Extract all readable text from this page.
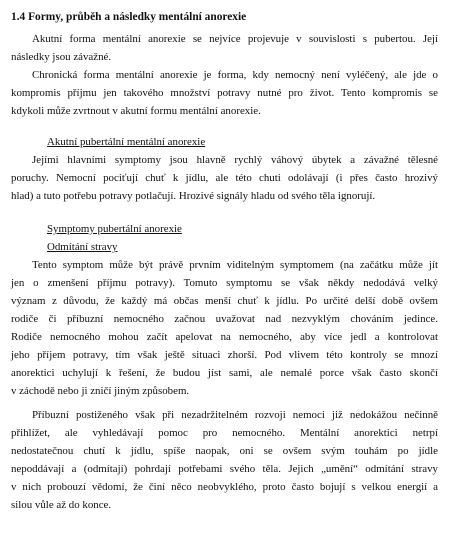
1.4 Formy, průběh a následky mentální anorexie

Akutní forma mentální anorexie se nejvíce projevuje v souvislosti s pubertou. Její
následky jsou závažné.

Chronická forma mentální anorexie je forma, kdy nemocný není vyléčený, ale jde o
kompromis příjmu jen takového množství potravy nutné pro život. Tento kompromis se
kdykoli může zvrtnout v akutní formu mentální anorexie.

Akutní pubertální mentální anorexie

Jejími hlavními symptomy jsou hlavně rychlý váhový úbytek a závažné tělesné
poruchy. Nemocní pociťují chuť k jídlu, ale této chuti odolávají (i přes často hrozivý
hlad) a tuto potřebu potravy potlačují. Hrozivé signály hladu od svého těla ignorují.

Symptomy pubertální anorexie
Odmítání stravy

Tento symptom může být právě prvním viditelným symptomem (na začátku může jít
jen o zmenšení příjmu potravy). Tomuto symptomu se však někdy nedodává velký
význam z důvodu, že každý má občas menší chuť k jídlu. Po určité delší době ovšem
rodiče či příbuzní nemocného začnou uvažovat nad nezvyklým chováním jedince.
Rodiče nemocného mohou začít apelovat na nemocného, aby více jedl a kontrolovat
jeho příjem potravy, tím však ještě situaci zhorší. Pod vlivem této kontroly se mnozí
anorektici uchylují k řešení, že budou jíst sami, ale nemalé porce však často skončí
v záchodě nebo ji zničí jiným způsobem.

Příbuzní postiženého však při nezadržitelném rozvoji nemoci již nedokážou nečinně
přihlížet, ale vyhledávají pomoc pro nemocného. Mentální anorektici netrpí
nedostatečnou chutí k jídlu, spíše naopak, oni se ovšem svým touhám po jídle
nepoddávají a (odmítají) pohrdají potřebami svého těla. Jejich „umění“ odmítání stravy
v nich probouzí vědomí, že činí něco neobvyklého, proto často bojují s velkou energií a
silou vůle až do konce.
